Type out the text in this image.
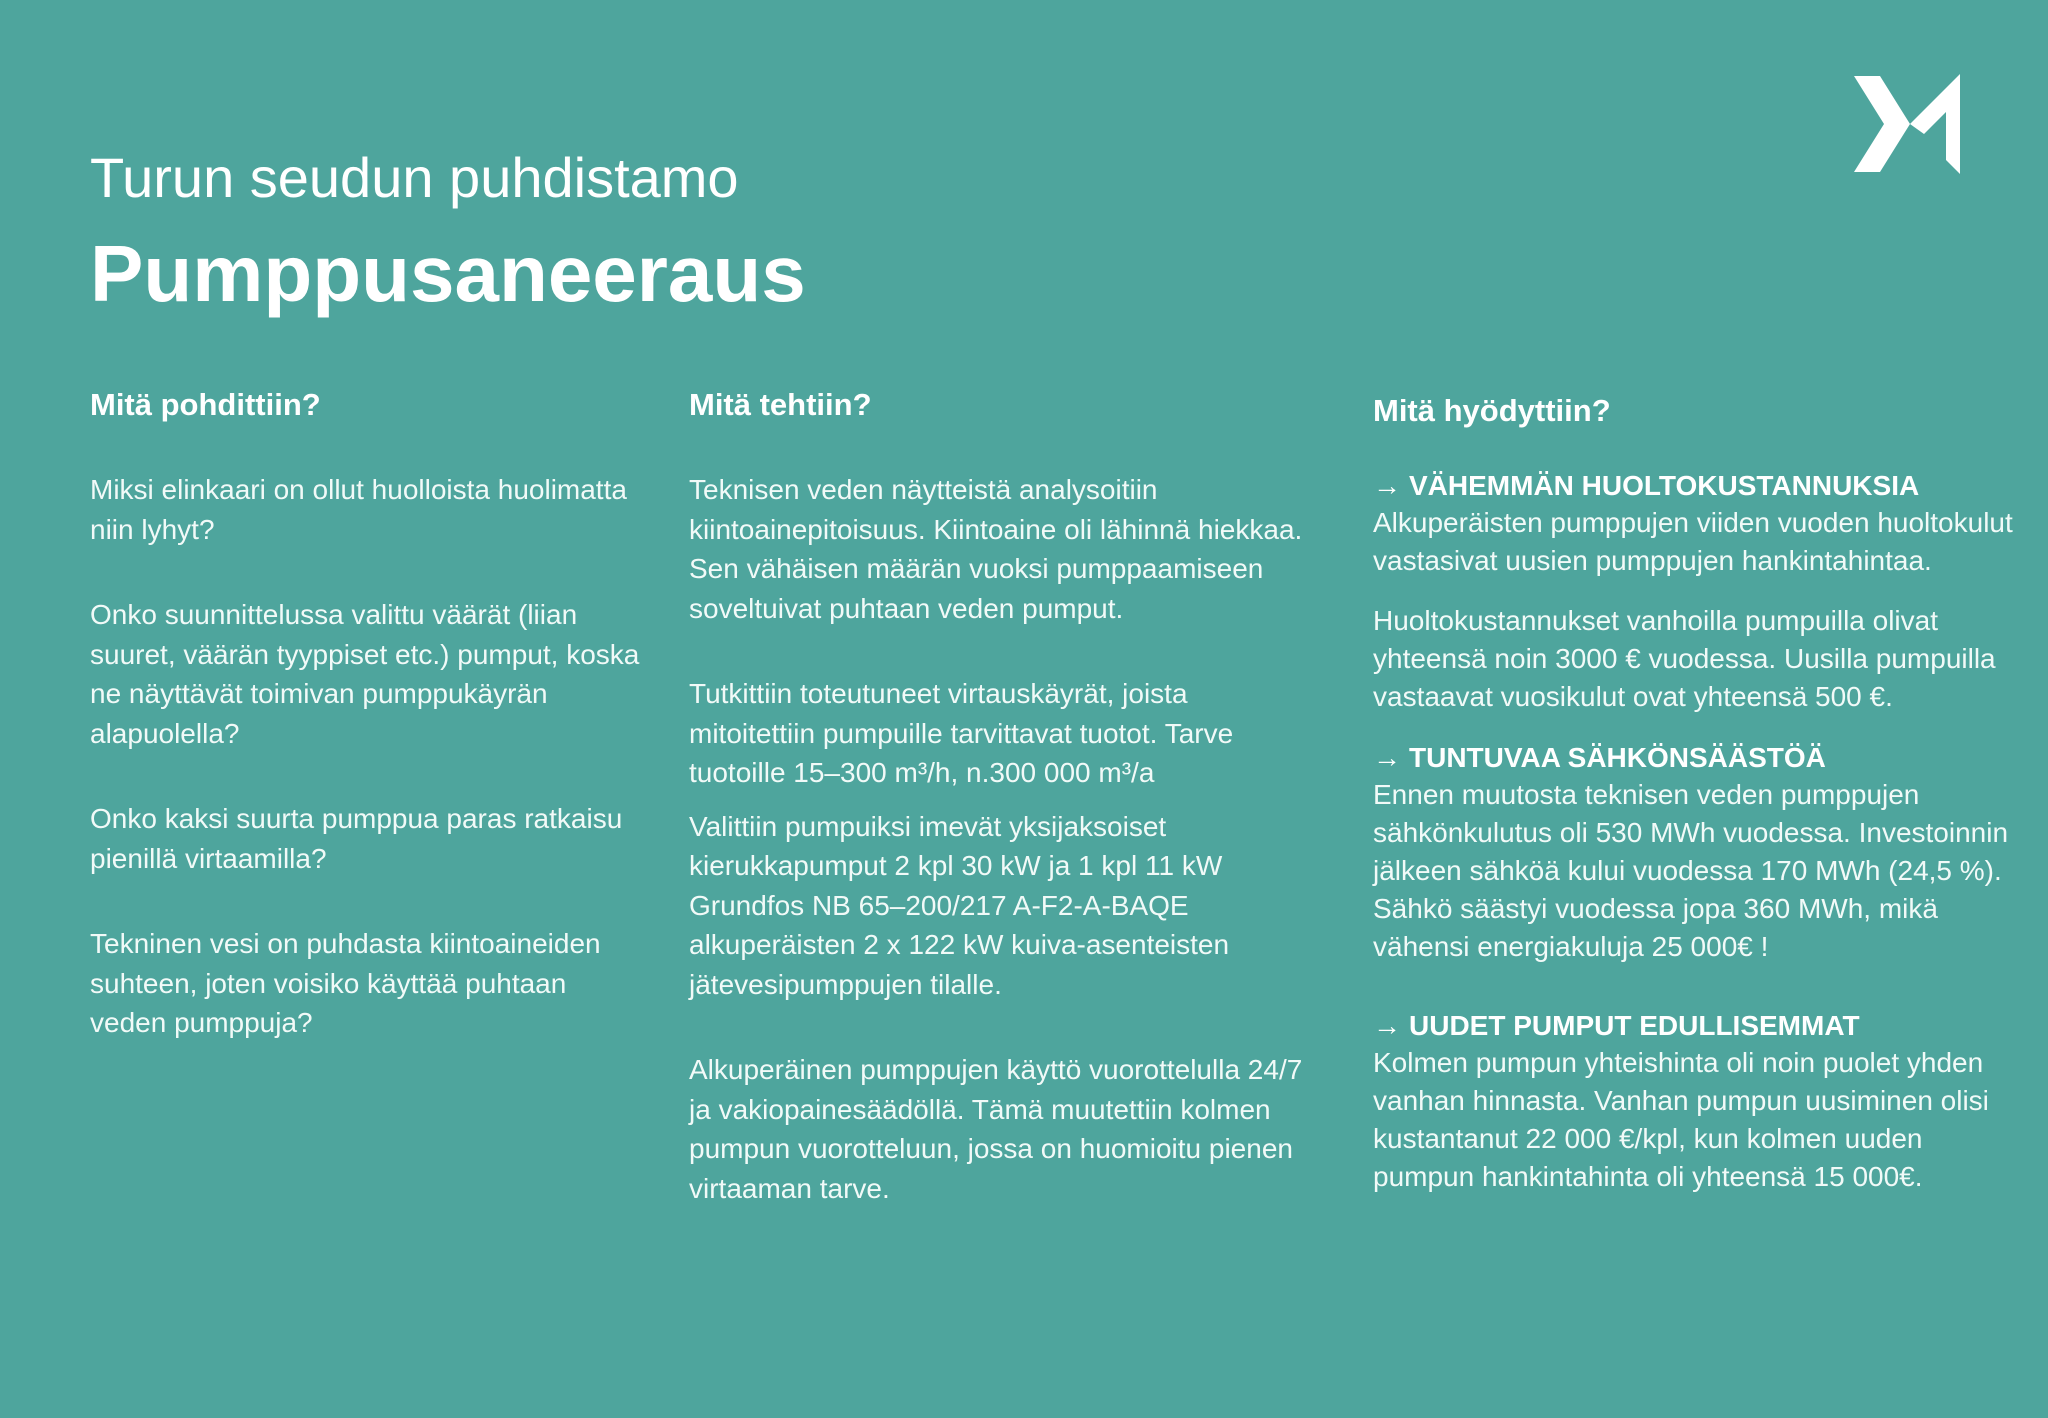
Turun seudun puhdistamo
Pumppusaneeraus
Mitä pohdittiin?

Miksi elinkaari on ollut huolloista huolimatta niin lyhyt?

Onko suunnittelussa valittu väärät (liian suuret, väärän tyyppiset etc.) pumput, koska ne näyttävät toimivan pumppukäyrän alapuolella?

Onko kaksi suurta pumppua paras ratkaisu pienillä virtaamilla?

Tekninen vesi on puhdasta kiintoaineiden suhteen, joten voisiko käyttää puhtaan veden pumppuja?

Mitä tehtiin?

Teknisen veden näytteistä analysoitiin kiintoainepitoisuus. Kiintoaine oli lähinnä hiekkaa. Sen vähäisen määrän vuoksi pumppaamiseen soveltuivat puhtaan veden pumput.

Tutkittiin toteutuneet virtauskäyrät, joista mitoitettiin pumpuille tarvittavat tuotot. Tarve tuotoille 15–300 m³/h, n.300 000 m³/a

Valittiin pumpuiksi imevät yksijaksoiset kierukkapumput 2 kpl 30 kW ja 1 kpl 11 kW Grundfos NB 65–200/217 A-F2-A-BAQE alkuperäisten 2 x 122 kW kuiva-asenteisten jätevesipumppujen tilalle.

Alkuperäinen pumppujen käyttö vuorottelulla 24/7 ja vakiopainesäädöllä. Tämä muutettiin kolmen pumpun vuorotteluun, jossa on huomioitu pienen virtaaman tarve.

Mitä hyödyttiin?
→ VÄHEMMÄN HUOLTOKUSTANNUKSIA

Alkuperäisten pumppujen viiden vuoden huoltokulut vastasivat uusien pumppujen hankintahintaa.

Huoltokustannukset vanhoilla pumpuilla olivat yhteensä noin 3000 € vuodessa. Uusilla pumpuilla vastaavat vuosikulut ovat yhteensä 500 €.

→ TUNTUVAA SÄHKÖNSÄÄSTÖÄ

Ennen muutosta teknisen veden pumppujen sähkönkulutus oli 530 MWh vuodessa. Investoinnin jälkeen sähköä kului vuodessa 170 MWh (24,5 %). Sähkö säästyi vuodessa jopa 360 MWh, mikä vähensi energiakuluja 25 000€ !

→ UUDET PUMPUT EDULLISEMMAT

Kolmen pumpun yhteishinta oli noin puolet yhden vanhan hinnasta. Vanhan pumpun uusiminen olisi kustantanut 22 000 €/kpl, kun kolmen uuden pumpun hankintahinta oli yhteensä 15 000€.
